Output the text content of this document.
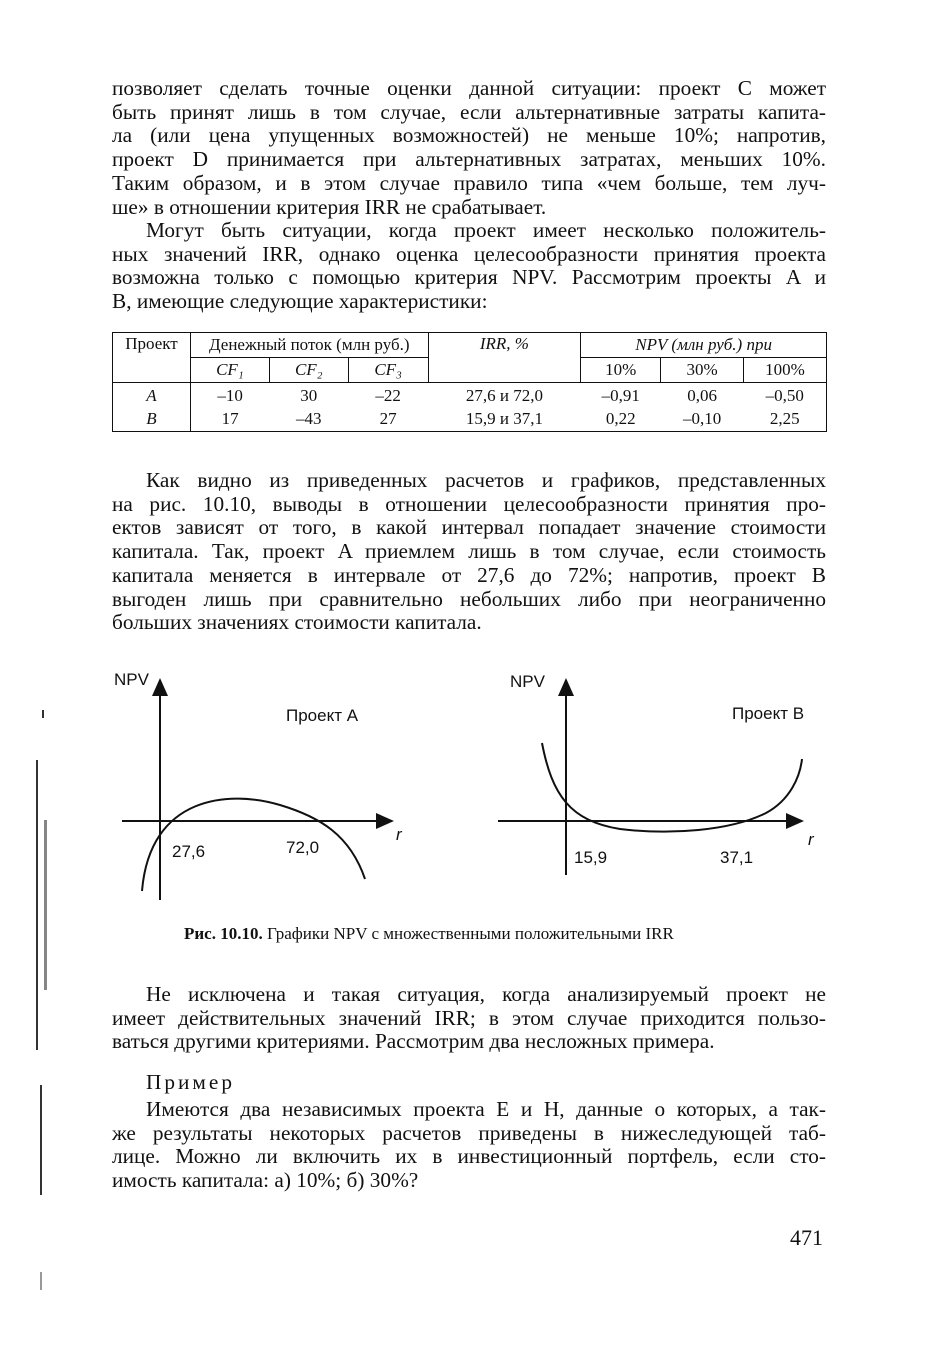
позволяет сделать точные оценки данной ситуации: проект C может
быть принят лишь в том случае, если альтернативные затраты капита-
ла (или цена упущенных возможностей) не меньше 10%; напротив,
проект D принимается при альтернативных затратах, меньших 10%.
Таким образом, и в этом случае правило типа «чем больше, тем луч-
ше» в отношении критерия IRR не срабатывает.
Могут быть ситуации, когда проект имеет несколько положитель-
ных значений IRR, однако оценка целесообразности принятия проекта
возможна только с помощью критерия NPV. Рассмотрим проекты A и
B, имеющие следующие характеристики:
Проект	Денежный поток (млн руб.)			IRR, %	NPV (млн руб.) при		
	CF₁	CF₂	CF₃		10%	30%	100%
A	–10	30	–22	27,6 и 72,0	–0,91	0,06	–0,50
B	17	–43	27	15,9 и 37,1	0,22	–0,10	2,25
Как видно из приведенных расчетов и графиков, представленных
на рис. 10.10, выводы в отношении целесообразности принятия про-
ектов зависят от того, в какой интервал попадает значение стоимости
капитала. Так, проект A приемлем лишь в том случае, если стоимость
капитала меняется в интервале от 27,6 до 72%; напротив, проект B
выгоден лишь при сравнительно небольших либо при неограниченно
больших значениях стоимости капитала.
NPV
r
Проект A
27,6	72,0
NPV
r
Проект B
15,9	37,1
Рис. 10.10. Графики NPV с множественными положительными IRR
Не исключена и такая ситуация, когда анализируемый проект не
имеет действительных значений IRR; в этом случае приходится пользо-
ваться другими критериями. Рассмотрим два несложных примера.
Пример
Имеются два независимых проекта E и H, данные о которых, а так-
же результаты некоторых расчетов приведены в нижеследующей таб-
лице. Можно ли включить их в инвестиционный портфель, если сто-
имость капитала: а) 10%; б) 30%?
471
